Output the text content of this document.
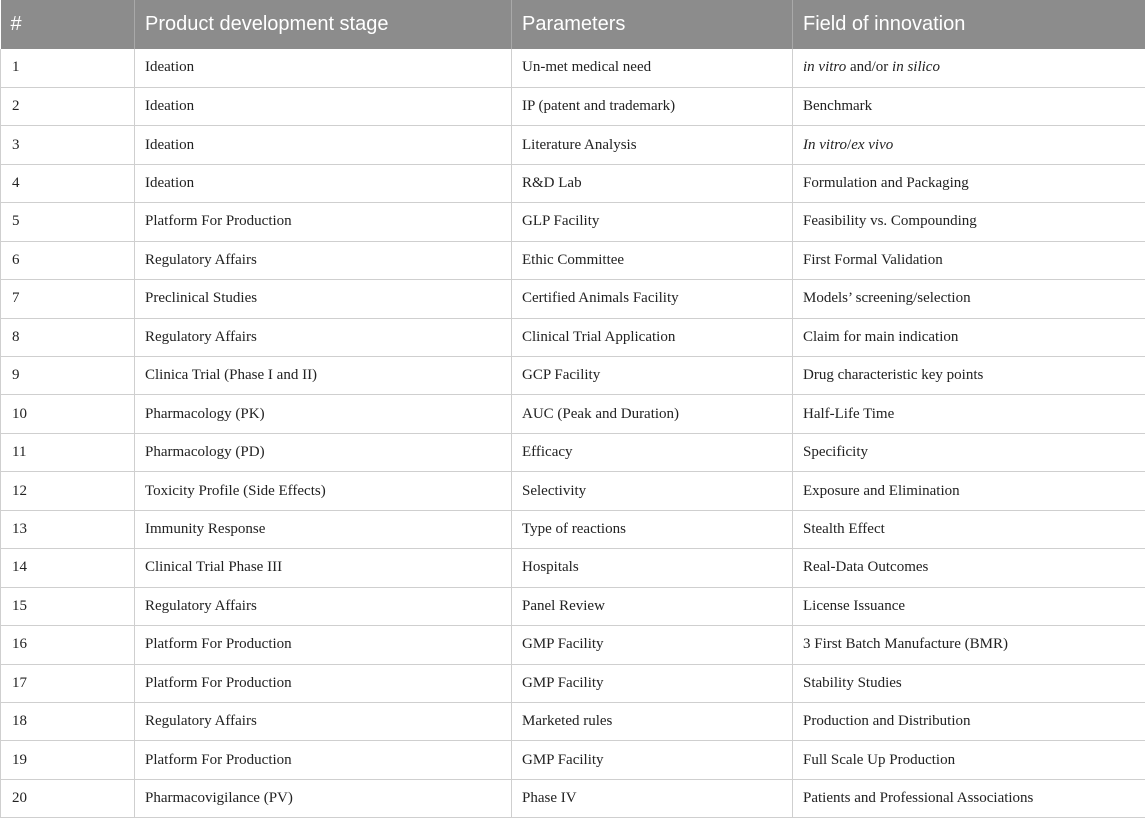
#	Product development stage	Parameters	Field of innovation
1	Ideation	Un-met medical need	in vitro and/or in silico
2	Ideation	IP (patent and trademark)	Benchmark
3	Ideation	Literature Analysis	In vitro/ex vivo
4	Ideation	R&D Lab	Formulation and Packaging
5	Platform For Production	GLP Facility	Feasibility vs. Compounding
6	Regulatory Affairs	Ethic Committee	First Formal Validation
7	Preclinical Studies	Certified Animals Facility	Models’ screening/selection
8	Regulatory Affairs	Clinical Trial Application	Claim for main indication
9	Clinica Trial (Phase I and II)	GCP Facility	Drug characteristic key points
10	Pharmacology (PK)	AUC (Peak and Duration)	Half-Life Time
11	Pharmacology (PD)	Efficacy	Specificity
12	Toxicity Profile (Side Effects)	Selectivity	Exposure and Elimination
13	Immunity Response	Type of reactions	Stealth Effect
14	Clinical Trial Phase III	Hospitals	Real-Data Outcomes
15	Regulatory Affairs	Panel Review	License Issuance
16	Platform For Production	GMP Facility	3 First Batch Manufacture (BMR)
17	Platform For Production	GMP Facility	Stability Studies
18	Regulatory Affairs	Marketed rules	Production and Distribution
19	Platform For Production	GMP Facility	Full Scale Up Production
20	Pharmacovigilance (PV)	Phase IV	Patients and Professional Associations
